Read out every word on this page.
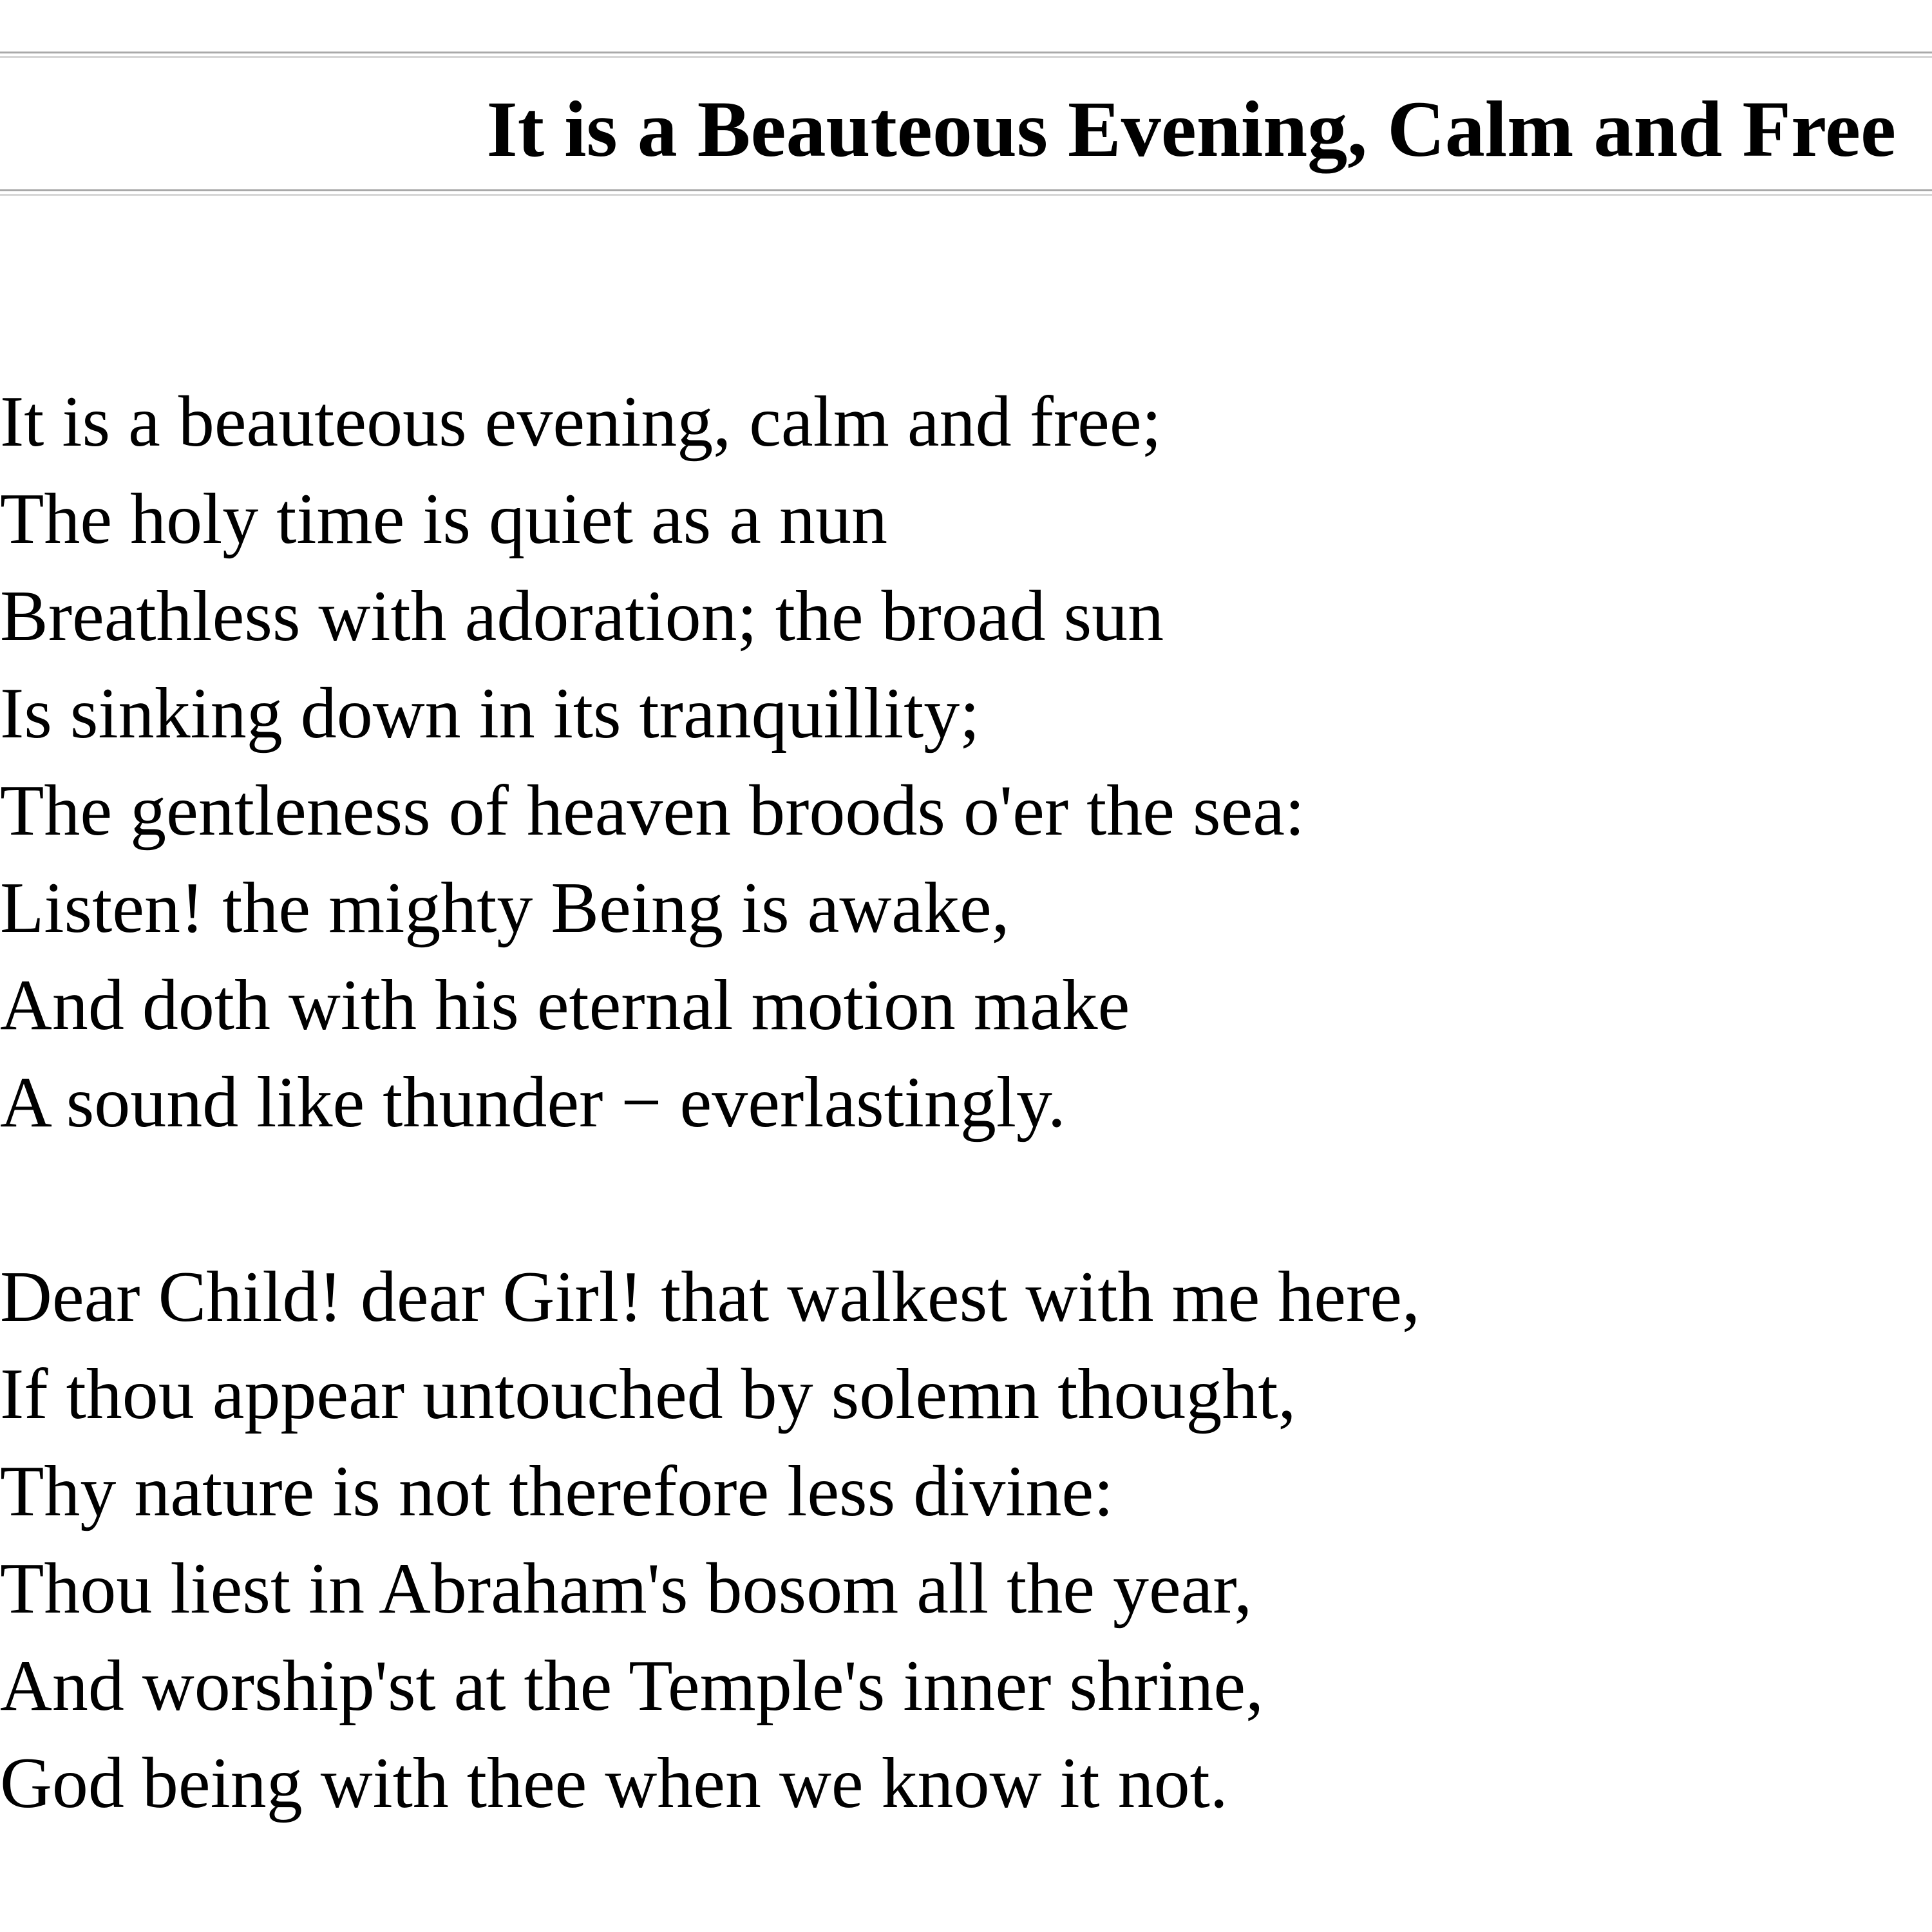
It is a Beauteous Evening, Calm and Free

It is a beauteous evening, calm and free;
The holy time is quiet as a nun
Breathless with adoration; the broad sun
Is sinking down in its tranquillity;
The gentleness of heaven broods o'er the sea:
Listen! the mighty Being is awake,
And doth with his eternal motion make
A sound like thunder − everlastingly.

Dear Child! dear Girl! that walkest with me here,
If thou appear untouched by solemn thought,
Thy nature is not therefore less divine:
Thou liest in Abraham's bosom all the year,
And worship'st at the Temple's inner shrine,
God being with thee when we know it not.
